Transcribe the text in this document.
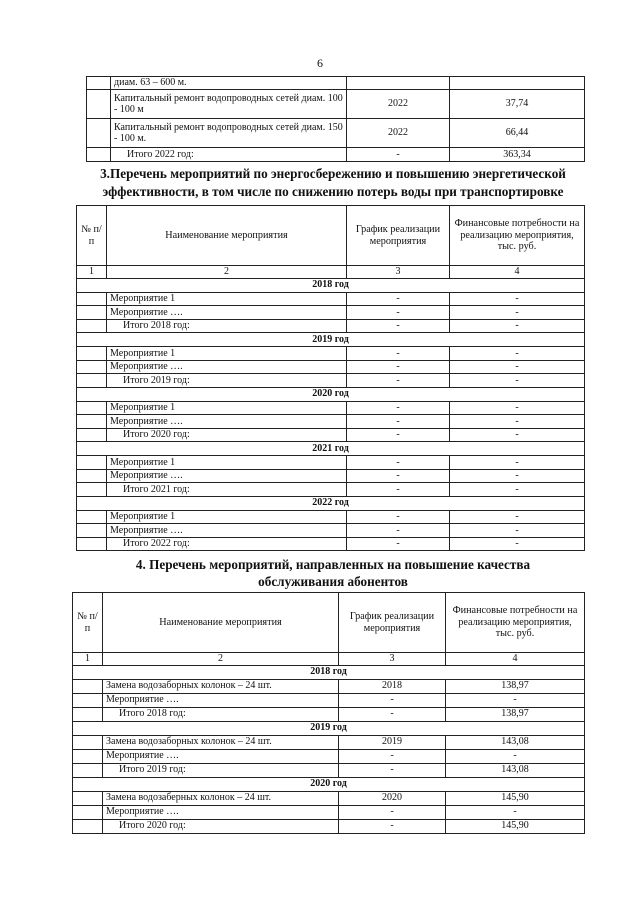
6
	диам. 63 – 600 м.		
	Капитальный ремонт водопроводных сетей диам. 100 - 100 м	2022	37,74
	Капитальный ремонт водопроводных сетей диам. 150 - 100 м.	2022	66,44
	Итого 2022 год:	-	363,34
3.Перечень мероприятий по энергосбережению и повышению энергетической
эффективности, в том числе по снижению потерь воды при транспортировке
№ п/п	Наименование мероприятия	График реализации мероприятия	Финансовые потребности на реализацию мероприятия, тыс. руб.
1	2	3	4
2018 год			
	Мероприятие 1	-	-
	Мероприятие ….	-	-
	Итого 2018 год:	-	-
2019 год			
	Мероприятие 1	-	-
	Мероприятие ….	-	-
	Итого 2019 год:	-	-
2020 год			
	Мероприятие 1	-	-
	Мероприятие ….	-	-
	Итого 2020 год:	-	-
2021 год			
	Мероприятие 1	-	-
	Мероприятие ….	-	-
	Итого 2021 год:	-	-
2022 год			
	Мероприятие 1	-	-
	Мероприятие ….	-	-
	Итого 2022 год:	-	-
4. Перечень мероприятий, направленных на повышение качества
обслуживания абонентов
№ п/п	Наименование мероприятия	График реализации мероприятия	Финансовые потребности на реализацию мероприятия, тыс. руб.
1	2	3	4
2018 год			
	Замена водозаборных колонок – 24 шт.	2018	138,97
	Мероприятие ….	-	-
	Итого 2018 год:	-	138,97
2019 год			
	Замена водозаборных колонок – 24 шт.	2019	143,08
	Мероприятие ….	-	-
	Итого 2019 год:	-	143,08
2020 год			
	Замена водозаберных колонок – 24 шт.	2020	145,90
	Мероприятие ….	-	-
	Итого 2020 год:	-	145,90
